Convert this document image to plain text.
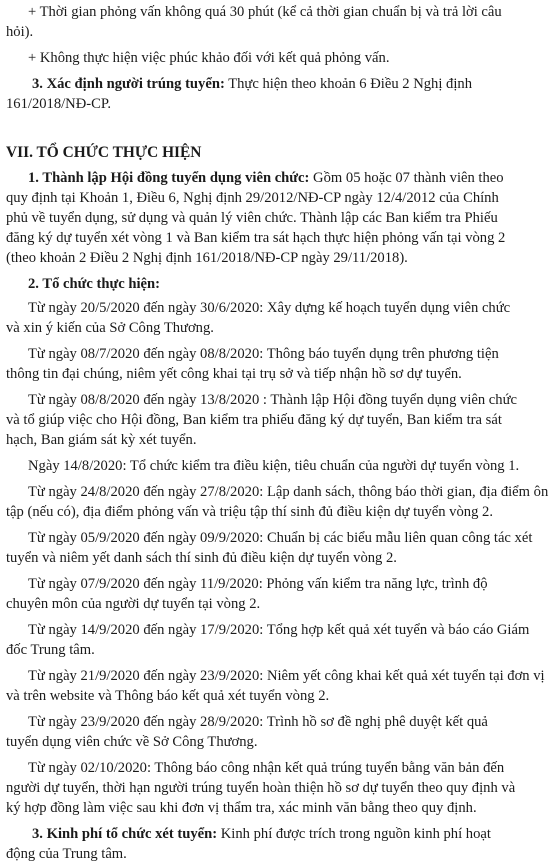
+ Thời gian phỏng vấn không quá 30 phút (kể cả thời gian chuẩn bị và trả lời câu
hỏi).
+ Không thực hiện việc phúc khảo đối với kết quả phỏng vấn.
3. Xác định người trúng tuyển: Thực hiện theo khoản 6 Điều 2 Nghị định
161/2018/NĐ-CP.
VII. TỔ CHỨC THỰC HIỆN
1. Thành lập Hội đồng tuyển dụng viên chức: Gồm 05 hoặc 07 thành viên theo
quy định tại Khoản 1, Điều 6, Nghị định 29/2012/NĐ-CP ngày 12/4/2012 của Chính
phủ về tuyển dụng, sử dụng và quản lý viên chức. Thành lập các Ban kiểm tra Phiếu
đăng ký dự tuyển xét vòng 1 và Ban kiểm tra sát hạch thực hiện phỏng vấn tại vòng 2
(theo khoản 2 Điều 2 Nghị định 161/2018/NĐ-CP ngày 29/11/2018).
2. Tổ chức thực hiện:
Từ ngày 20/5/2020 đến ngày 30/6/2020: Xây dựng kế hoạch tuyển dụng viên chức
và xin ý kiến của Sở Công Thương.
Từ ngày 08/7/2020 đến ngày 08/8/2020: Thông báo tuyển dụng trên phương tiện
thông tin đại chúng, niêm yết công khai tại trụ sở và tiếp nhận hồ sơ dự tuyển.
Từ ngày 08/8/2020 đến ngày 13/8/2020 : Thành lập Hội đồng tuyển dụng viên chức
và tổ giúp việc cho Hội đồng, Ban kiểm tra phiếu đăng ký dự tuyển, Ban kiểm tra sát
hạch, Ban giám sát kỳ xét tuyển.
Ngày 14/8/2020: Tổ chức kiểm tra điều kiện, tiêu chuẩn của người dự tuyển vòng 1.
Từ ngày 24/8/2020 đến ngày 27/8/2020: Lập danh sách, thông báo thời gian, địa điểm ôn
tập (nếu có), địa điểm phỏng vấn và triệu tập thí sinh đủ điều kiện dự tuyển vòng 2.
Từ ngày 05/9/2020 đến ngày 09/9/2020: Chuẩn bị các biểu mẫu liên quan công tác xét
tuyển và niêm yết danh sách thí sinh đủ điều kiện dự tuyển vòng 2.
Từ ngày 07/9/2020 đến ngày 11/9/2020: Phỏng vấn kiểm tra năng lực, trình độ
chuyên môn của người dự tuyển tại vòng 2.
Từ ngày 14/9/2020 đến ngày 17/9/2020: Tổng hợp kết quả xét tuyển và báo cáo Giám
đốc Trung tâm.
Từ ngày 21/9/2020 đến ngày 23/9/2020: Niêm yết công khai kết quả xét tuyển tại đơn vị
và trên website và Thông báo kết quả xét tuyển vòng 2.
Từ ngày 23/9/2020 đến ngày 28/9/2020: Trình hồ sơ đề nghị phê duyệt kết quả
tuyển dụng viên chức về Sở Công Thương.
Từ ngày 02/10/2020: Thông báo công nhận kết quả trúng tuyển bằng văn bản đến
người dự tuyển, thời hạn người trúng tuyển hoàn thiện hồ sơ dự tuyển theo quy định và
ký hợp đồng làm việc sau khi đơn vị thẩm tra, xác minh văn bằng theo quy định.
3. Kinh phí tổ chức xét tuyển: Kinh phí được trích trong nguồn kinh phí hoạt
động của Trung tâm.
